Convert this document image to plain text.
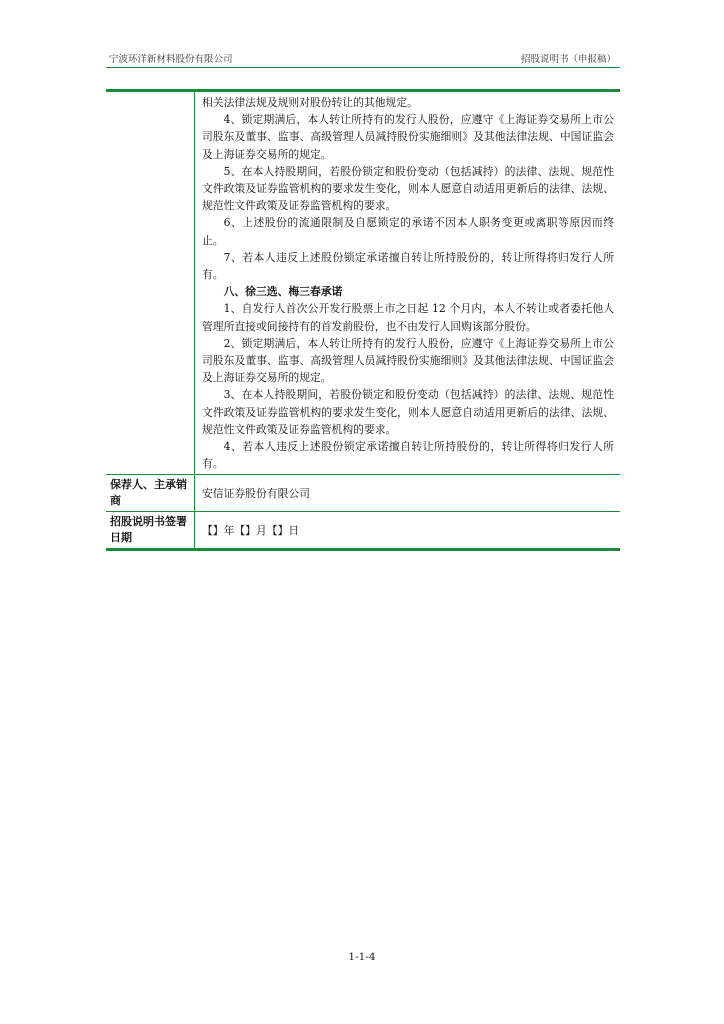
宁波环洋新材料股份有限公司	招股说明书（申报稿）

相关法律法规及规则对股份转让的其他规定。

4、锁定期满后，本人转让所持有的发行人股份，应遵守《上海证券交易所上市公司股东及董事、监事、高级管理人员减持股份实施细则》及其他法律法规、中国证监会及上海证券交易所的规定。

5、在本人持股期间，若股份锁定和股份变动（包括减持）的法律、法规、规范性文件政策及证券监管机构的要求发生变化，则本人愿意自动适用更新后的法律、法规、规范性文件政策及证券监管机构的要求。

6、上述股份的流通限制及自愿锁定的承诺不因本人职务变更或离职等原因而终止。

7、若本人违反上述股份锁定承诺擅自转让所持股份的，转让所得将归发行人所有。

八、徐三选、梅三春承诺

1、自发行人首次公开发行股票上市之日起 12 个月内，本人不转让或者委托他人管理所直接或间接持有的首发前股份，也不由发行人回购该部分股份。

2、锁定期满后，本人转让所持有的发行人股份，应遵守《上海证券交易所上市公司股东及董事、监事、高级管理人员减持股份实施细则》及其他法律法规、中国证监会及上海证券交易所的规定。

3、在本人持股期间，若股份锁定和股份变动（包括减持）的法律、法规、规范性文件政策及证券监管机构的要求发生变化，则本人愿意自动适用更新后的法律、法规、规范性文件政策及证券监管机构的要求。

4、若本人违反上述股份锁定承诺擅自转让所持股份的，转让所得将归发行人所有。

保荐人、主承销商
安信证券股份有限公司
招股说明书签署日期
【】年【】月【】日
1-1-4
